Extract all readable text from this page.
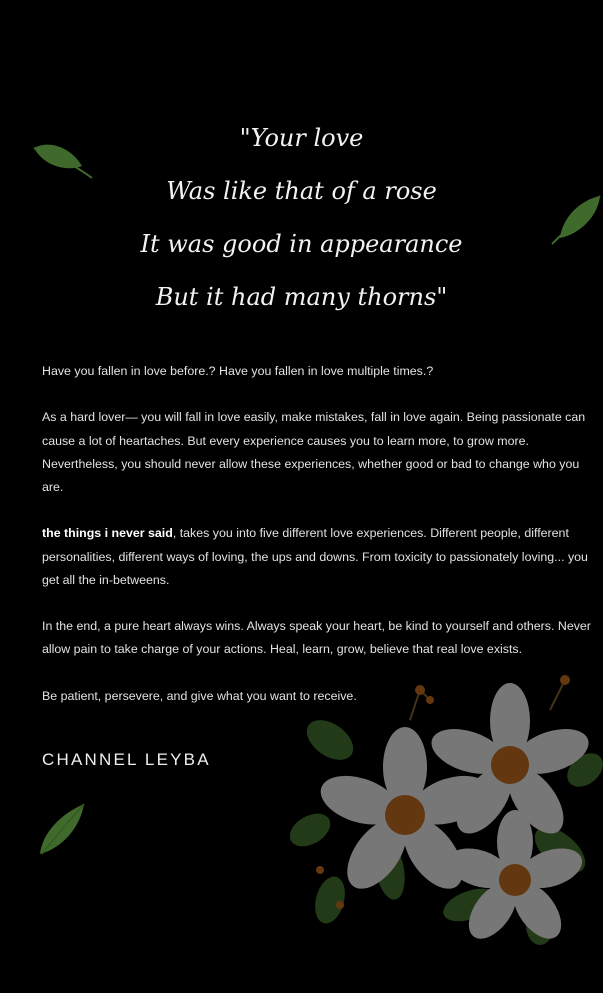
"Your love
Was like that of a rose
It was good in appearance
But it had many thorns"

Have you fallen in love before.? Have you fallen in love multiple times.?

As a hard lover— you will fall in love easily, make mistakes, fall in love again. Being passionate can cause a lot of heartaches. But every experience causes you to learn more, to grow more. Nevertheless, you should never allow these experiences, whether good or bad to change who you are.

the things i never said, takes you into five different love experiences. Different people, different personalities, different ways of loving, the ups and downs. From toxicity to passionately loving... you get all the in-betweens.

In the end, a pure heart always wins. Always speak your heart, be kind to yourself and others. Never allow pain to take charge of your actions. Heal, learn, grow, believe that real love exists.

Be patient, persevere, and give what you want to receive.

CHANNEL LEYBA
